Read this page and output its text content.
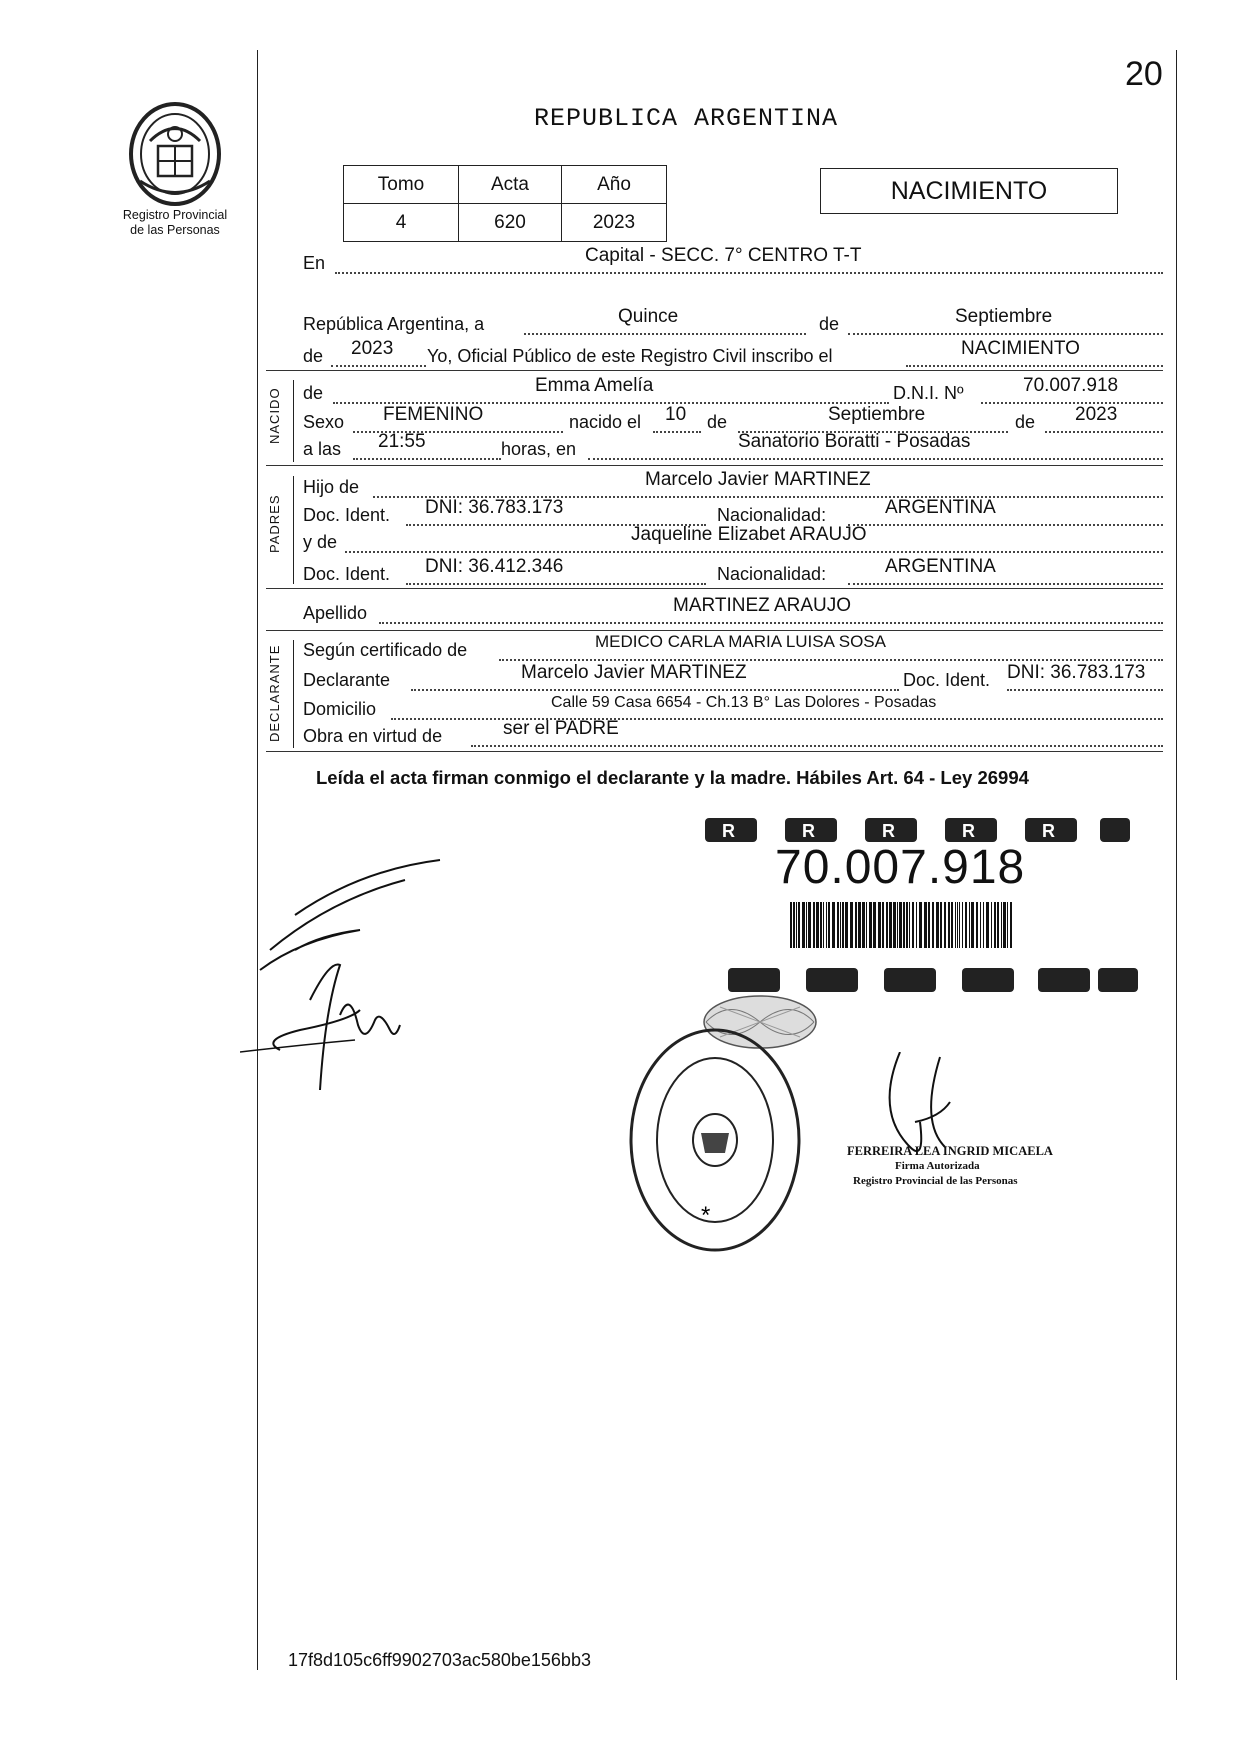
20
Registro Provincial
de las Personas
REPUBLICA ARGENTINA
Tomo	Acta	Año
4	620	2023
NACIMIENTO
En	Capital - SECC. 7° CENTRO T-T
República Argentina, a	Quince	de	Septiembre
de 2023 Yo, Oficial Público de este Registro Civil inscribo el	NACIMIENTO
de	Emma Amelía	D.N.I. Nº	70.007.918
Sexo FEMENINO	nacido el 10 de	Septiembre	de 2023
a las 21:55	horas, en	Sanatorio Boratti - Posadas
Hijo de	Marcelo Javier MARTINEZ
Doc. Ident. DNI: 36.783.173	Nacionalidad:	ARGENTINA
y de	Jaqueline Elizabet ARAUJO
Doc. Ident. DNI: 36.412.346	Nacionalidad:	ARGENTINA
Apellido	MARTINEZ ARAUJO
Según certificado de	MEDICO CARLA MARIA LUISA SOSA
Declarante	Marcelo Javier MARTINEZ	Doc. Ident. DNI: 36.783.173
Domicilio	Calle 59 Casa 6654 - Ch.13 B° Las Dolores - Posadas
Obra en virtud de	ser el PADRE
NACIDO
PADRES
DECLARANTE
Leída el acta firman conmigo el declarante y la madre. Hábiles Art. 64 - Ley 26994
R	R	R	R	R
70.007.918
*
FERREIRA LEA INGRID MICAELA
Firma Autorizada
Registro Provincial de las Personas
17f8d105c6ff9902703ac580be156bb3
